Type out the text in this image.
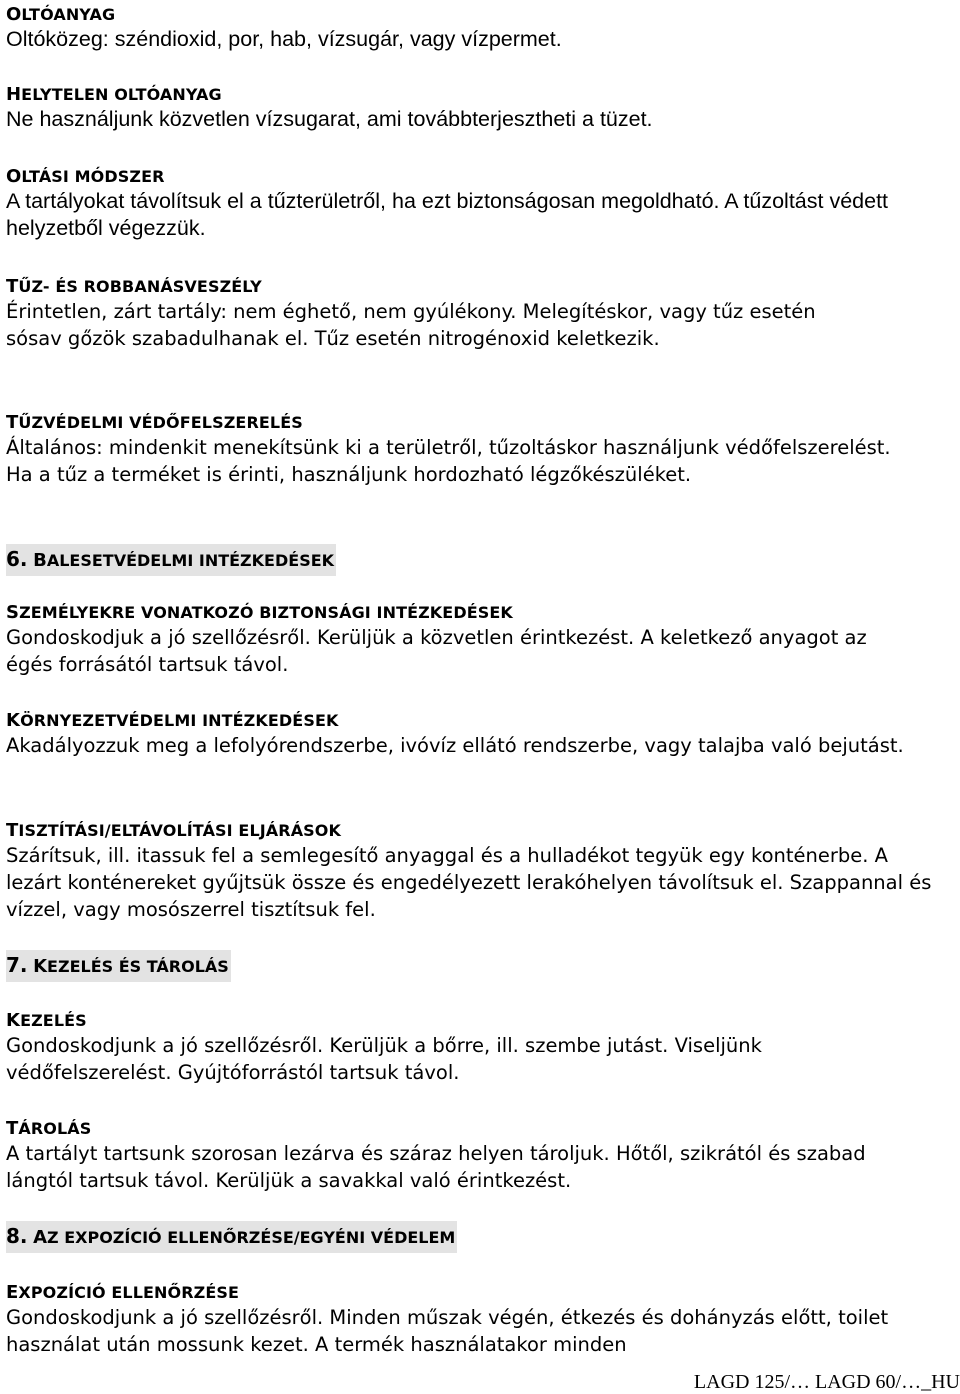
OLTÓANYAG

Oltóközeg: széndioxid, por, hab, vízsugár, vagy vízpermet.

HELYTELEN OLTÓANYAG

Ne használjunk közvetlen vízsugarat, ami továbbterjesztheti a tüzet.

OLTÁSI MÓDSZER

A tartályokat távolítsuk el a tűzterületről, ha ezt biztonságosan megoldható. A tűzoltást védett helyzetből végezzük.

TŰZ- ÉS ROBBANÁSVESZÉLY

Érintetlen, zárt tartály: nem éghető, nem gyúlékony. Melegítéskor, vagy tűz esetén sósav gőzök szabadulhanak el. Tűz esetén nitrogénoxid keletkezik.

TŰZVÉDELMI VÉDŐFELSZERELÉS

Általános: mindenkit menekítsünk ki a területről, tűzoltáskor használjunk védőfelszerelést. Ha a tűz a terméket is érinti, használjunk hordozható légzőkészüléket.

6. BALESETVÉDELMI INTÉZKEDÉSEK
SZEMÉLYEKRE VONATKOZÓ BIZTONSÁGI INTÉZKEDÉSEK

Gondoskodjuk a jó szellőzésről. Kerüljük a közvetlen érintkezést. A keletkező anyagot az égés forrásától tartsuk távol.

KÖRNYEZETVÉDELMI INTÉZKEDÉSEK

Akadályozzuk meg a lefolyórendszerbe, ivóvíz ellátó rendszerbe, vagy talajba való bejutást.

TISZTÍTÁSI/ELTÁVOLÍTÁSI ELJÁRÁSOK

Szárítsuk, ill. itassuk fel a semlegesítő anyaggal és a hulladékot tegyük egy konténerbe. A lezárt konténereket gyűjtsük össze és engedélyezett lerakóhelyen távolítsuk el. Szappannal és vízzel, vagy mosószerrel tisztítsuk fel.

7. KEZELÉS ÉS TÁROLÁS
KEZELÉS

Gondoskodjunk a jó szellőzésről. Kerüljük a bőrre, ill. szembe jutást. Viseljünk védőfelszerelést. Gyújtóforrástól tartsuk távol.

TÁROLÁS

A tartályt tartsunk szorosan lezárva és száraz helyen tároljuk. Hőtől, szikrától és szabad lángtól tartsuk távol. Kerüljük a savakkal való érintkezést.

8. AZ EXPOZÍCIÓ ELLENŐRZÉSE/EGYÉNI VÉDELEM
EXPOZÍCIÓ ELLENŐRZÉSE

Gondoskodjunk a jó szellőzésről. Minden műszak végén, étkezés és dohányzás előtt, toilet használat után mossunk kezet. A termék használatakor minden

LAGD 125/… LAGD 60/…_HU
